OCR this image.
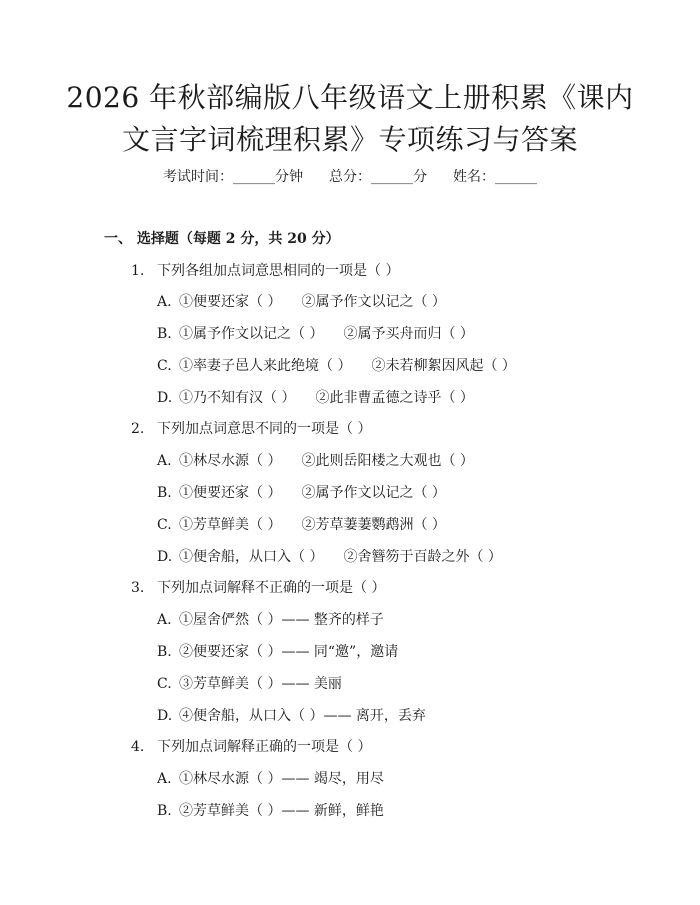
2026 年秋部编版八年级语文上册积累《课内
文言字词梳理积累》专项练习与答案
考试时间：______分钟 总分：______分 姓名：______
一、 选择题（每题 2 分，共 20 分）
1. 下列各组加点词意思相同的一项是（ ）
A. ①便要还家（ ） ②属予作文以记之（ ）
B. ①属予作文以记之（ ） ②属予买舟而归（ ）
C. ①率妻子邑人来此绝境（ ） ②未若柳絮因风起（ ）
D. ①乃不知有汉（ ） ②此非曹孟德之诗乎（ ）
2. 下列加点词意思不同的一项是（ ）
A. ①林尽水源（ ） ②此则岳阳楼之大观也（ ）
B. ①便要还家（ ） ②属予作文以记之（ ）
C. ①芳草鲜美（ ） ②芳草萋萋鹦鹉洲（ ）
D. ①便舍船，从口入（ ） ②舍簪笏于百龄之外（ ）
3. 下列加点词解释不正确的一项是（ ）
A. ①屋舍俨然（ ）—— 整齐的样子
B. ②便要还家（ ）—— 同“邀”，邀请
C. ③芳草鲜美（ ）—— 美丽
D. ④便舍船，从口入（ ）—— 离开，丢弃
4. 下列加点词解释正确的一项是（ ）
A. ①林尽水源（ ）—— 竭尽，用尽
B. ②芳草鲜美（ ）—— 新鲜，鲜艳
